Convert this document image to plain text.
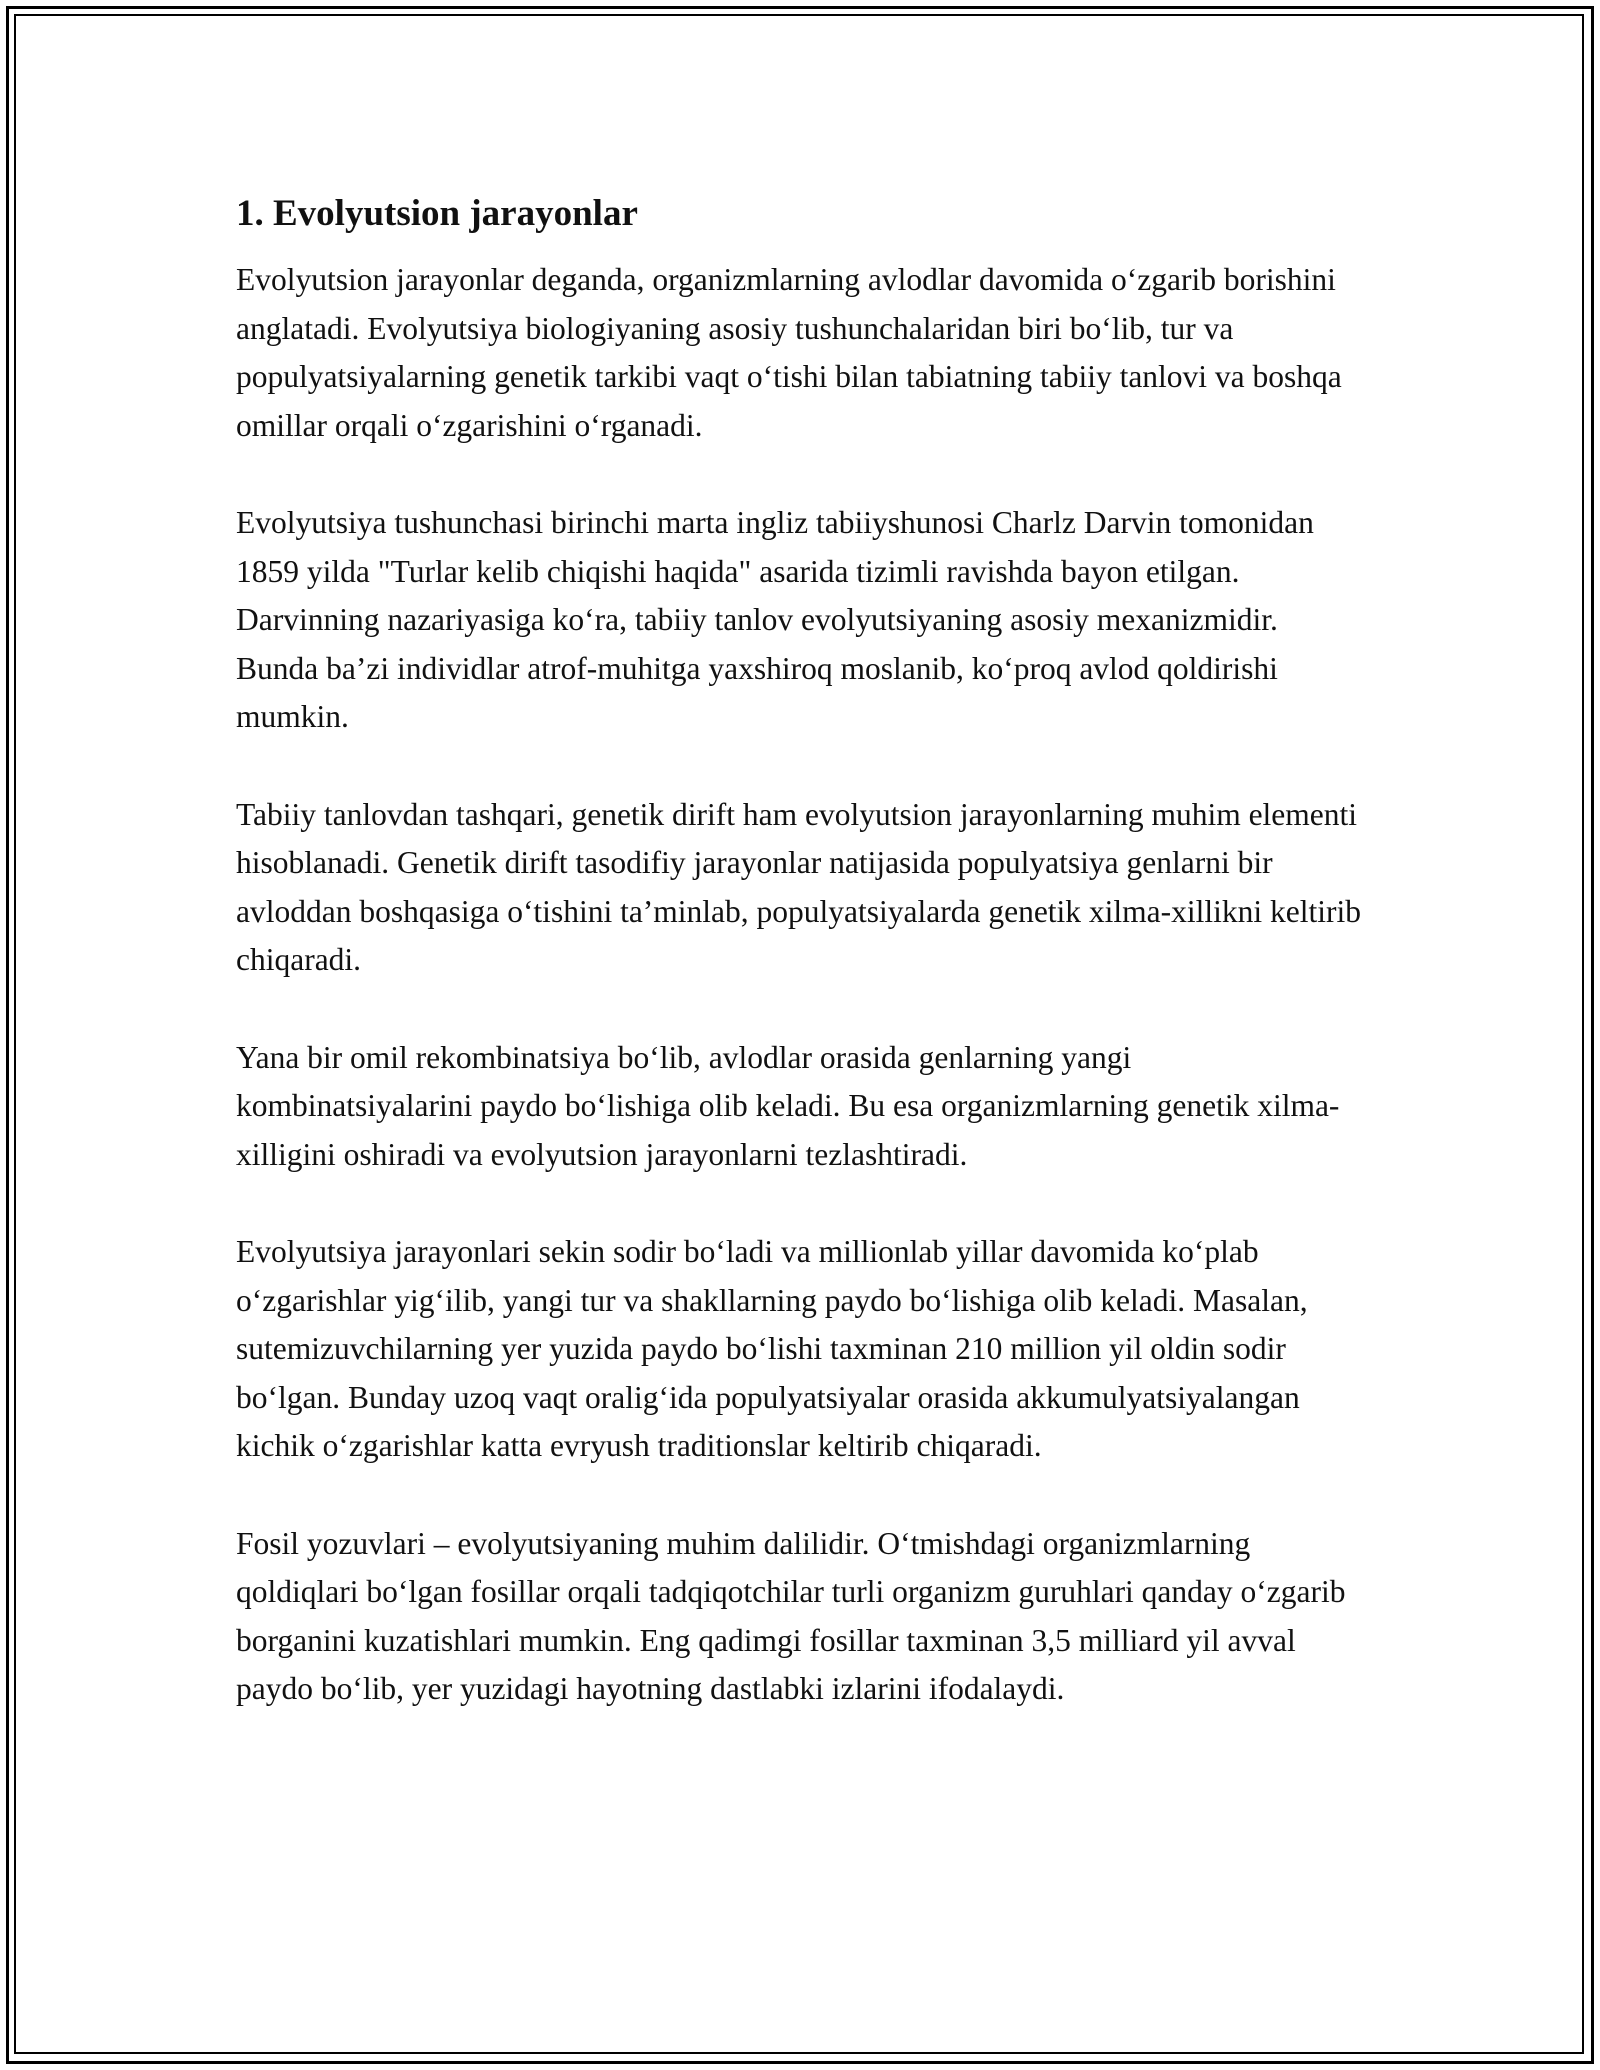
1. Evolyutsion jarayonlar

Evolyutsion jarayonlar deganda, organizmlarning avlodlar davomida o‘zgarib borishini anglatadi. Evolyutsiya biologiyaning asosiy tushunchalaridan biri bo‘lib, tur va populyatsiyalarning genetik tarkibi vaqt o‘tishi bilan tabiatning tabiiy tanlovi va boshqa omillar orqali o‘zgarishini o‘rganadi.

Evolyutsiya tushunchasi birinchi marta ingliz tabiiyshunosi Charlz Darvin tomonidan 1859 yilda "Turlar kelib chiqishi haqida" asarida tizimli ravishda bayon etilgan. Darvinning nazariyasiga ko‘ra, tabiiy tanlov evolyutsiyaning asosiy mexanizmidir. Bunda ba’zi individlar atrof-muhitga yaxshiroq moslanib, ko‘proq avlod qoldirishi mumkin.

Tabiiy tanlovdan tashqari, genetik dirift ham evolyutsion jarayonlarning muhim elementi hisoblanadi. Genetik dirift tasodifiy jarayonlar natijasida populyatsiya genlarni bir avloddan boshqasiga o‘tishini ta’minlab, populyatsiyalarda genetik xilma-xillikni keltirib chiqaradi.

Yana bir omil rekombinatsiya bo‘lib, avlodlar orasida genlarning yangi kombinatsiyalarini paydo bo‘lishiga olib keladi. Bu esa organizmlarning genetik xilma-xilligini oshiradi va evolyutsion jarayonlarni tezlashtiradi.

Evolyutsiya jarayonlari sekin sodir bo‘ladi va millionlab yillar davomida ko‘plab o‘zgarishlar yig‘ilib, yangi tur va shakllarning paydo bo‘lishiga olib keladi. Masalan, sutemizuvchilarning yer yuzida paydo bo‘lishi taxminan 210 million yil oldin sodir bo‘lgan. Bunday uzoq vaqt oralig‘ida populyatsiyalar orasida akkumulyatsiyalangan kichik o‘zgarishlar katta evryush traditionslar keltirib chiqaradi.

Fosil yozuvlari – evolyutsiyaning muhim dalilidir. O‘tmishdagi organizmlarning qoldiqlari bo‘lgan fosillar orqali tadqiqotchilar turli organizm guruhlari qanday o‘zgarib borganini kuzatishlari mumkin. Eng qadimgi fosillar taxminan 3,5 milliard yil avval paydo bo‘lib, yer yuzidagi hayotning dastlabki izlarini ifodalaydi.
